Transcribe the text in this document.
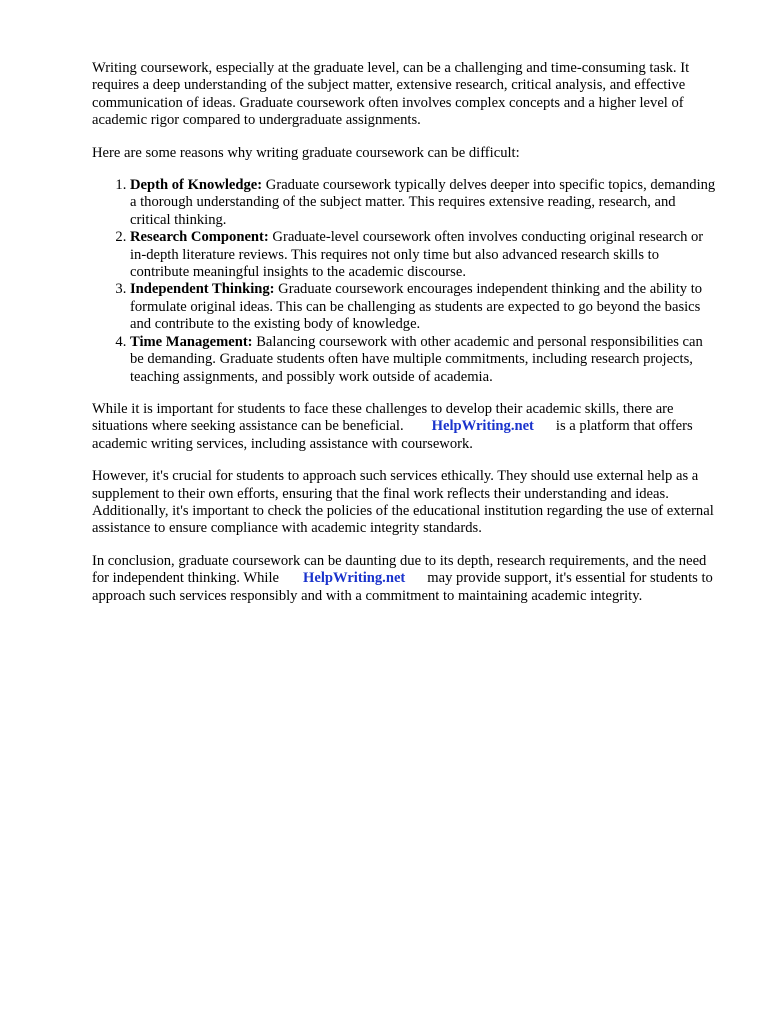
Writing coursework, especially at the graduate level, can be a challenging and time-consuming task. It requires a deep understanding of the subject matter, extensive research, critical analysis, and effective communication of ideas. Graduate coursework often involves complex concepts and a higher level of academic rigor compared to undergraduate assignments.

Here are some reasons why writing graduate coursework can be difficult:

1. Depth of Knowledge: Graduate coursework typically delves deeper into specific topics, demanding a thorough understanding of the subject matter. This requires extensive reading, research, and critical thinking.
2. Research Component: Graduate-level coursework often involves conducting original research or in-depth literature reviews. This requires not only time but also advanced research skills to contribute meaningful insights to the academic discourse.
3. Independent Thinking: Graduate coursework encourages independent thinking and the ability to formulate original ideas. This can be challenging as students are expected to go beyond the basics and contribute to the existing body of knowledge.
4. Time Management: Balancing coursework with other academic and personal responsibilities can be demanding. Graduate students often have multiple commitments, including research projects, teaching assignments, and possibly work outside of academia.

While it is important for students to face these challenges to develop their academic skills, there are situations where seeking assistance can be beneficial. HelpWriting.net is a platform that offers academic writing services, including assistance with coursework.

However, it's crucial for students to approach such services ethically. They should use external help as a supplement to their own efforts, ensuring that the final work reflects their understanding and ideas. Additionally, it's important to check the policies of the educational institution regarding the use of external assistance to ensure compliance with academic integrity standards.

In conclusion, graduate coursework can be daunting due to its depth, research requirements, and the need for independent thinking. While HelpWriting.net may provide support, it's essential for students to approach such services responsibly and with a commitment to maintaining academic integrity.
